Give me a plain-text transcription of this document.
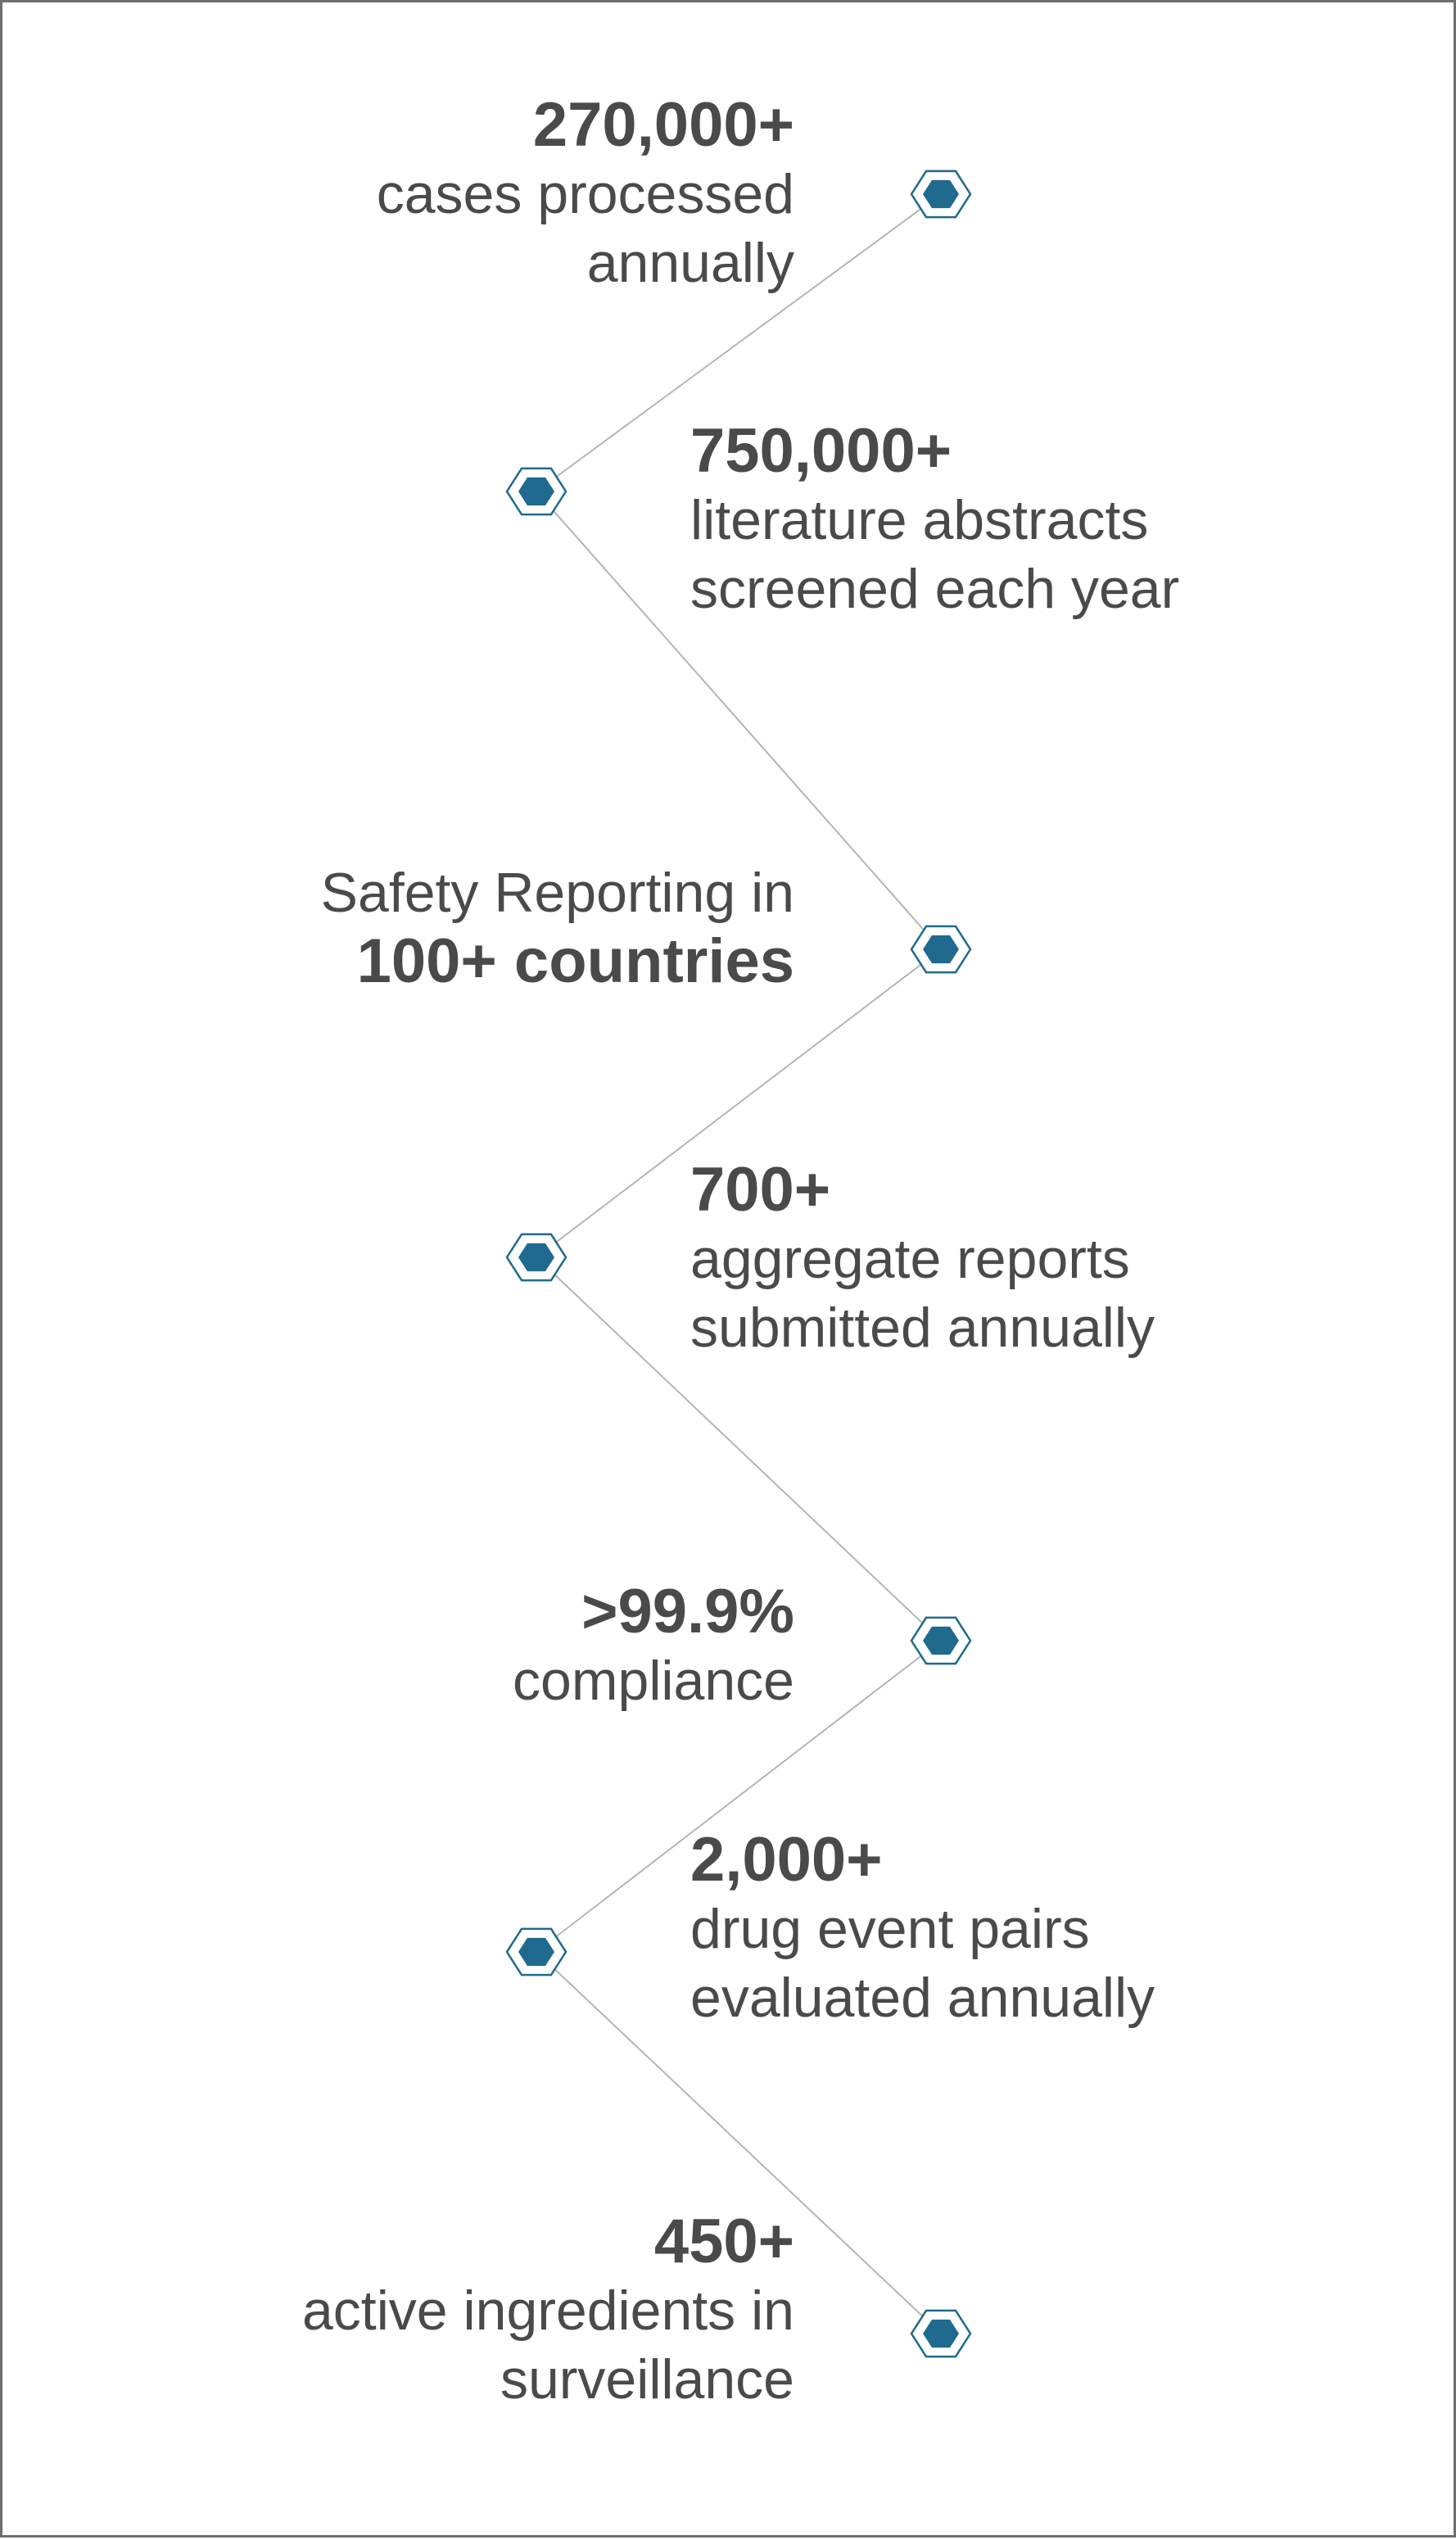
270,000+
cases processed
annually
750,000+
literature abstracts
screened each year
Safety Reporting in
100+ countries
700+
aggregate reports
submitted annually
>99.9%
compliance
2,000+
drug event pairs
evaluated annually
450+
active ingredients in
surveillance
